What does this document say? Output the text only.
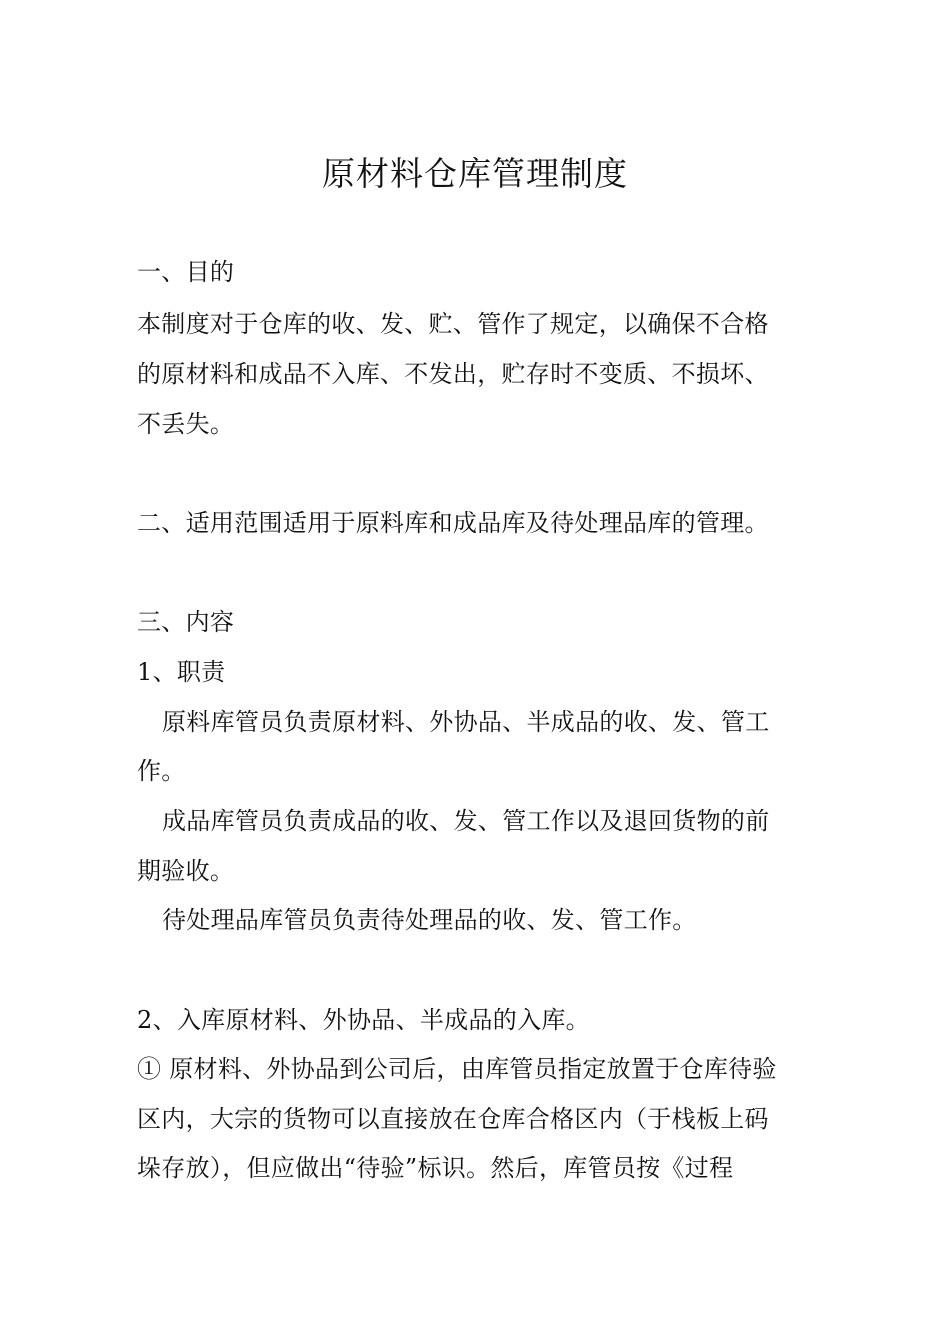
原材料仓库管理制度
一、目的
本制度对于仓库的收、发、贮、管作了规定，以确保不合格
的原材料和成品不入库、不发出，贮存时不变质、不损坏、
不丢失。
二、适用范围适用于原料库和成品库及待处理品库的管理。
三、内容
1、职责
原料库管员负责原材料、外协品、半成品的收、发、管工
作。
成品库管员负责成品的收、发、管工作以及退回货物的前
期验收。
待处理品库管员负责待处理品的收、发、管工作。
2、入库原材料、外协品、半成品的入库。
① 原材料、外协品到公司后，由库管员指定放置于仓库待验
区内，大宗的货物可以直接放在仓库合格区内（于栈板上码
垛存放），但应做出“待验”标识。然后，库管员按《过程
